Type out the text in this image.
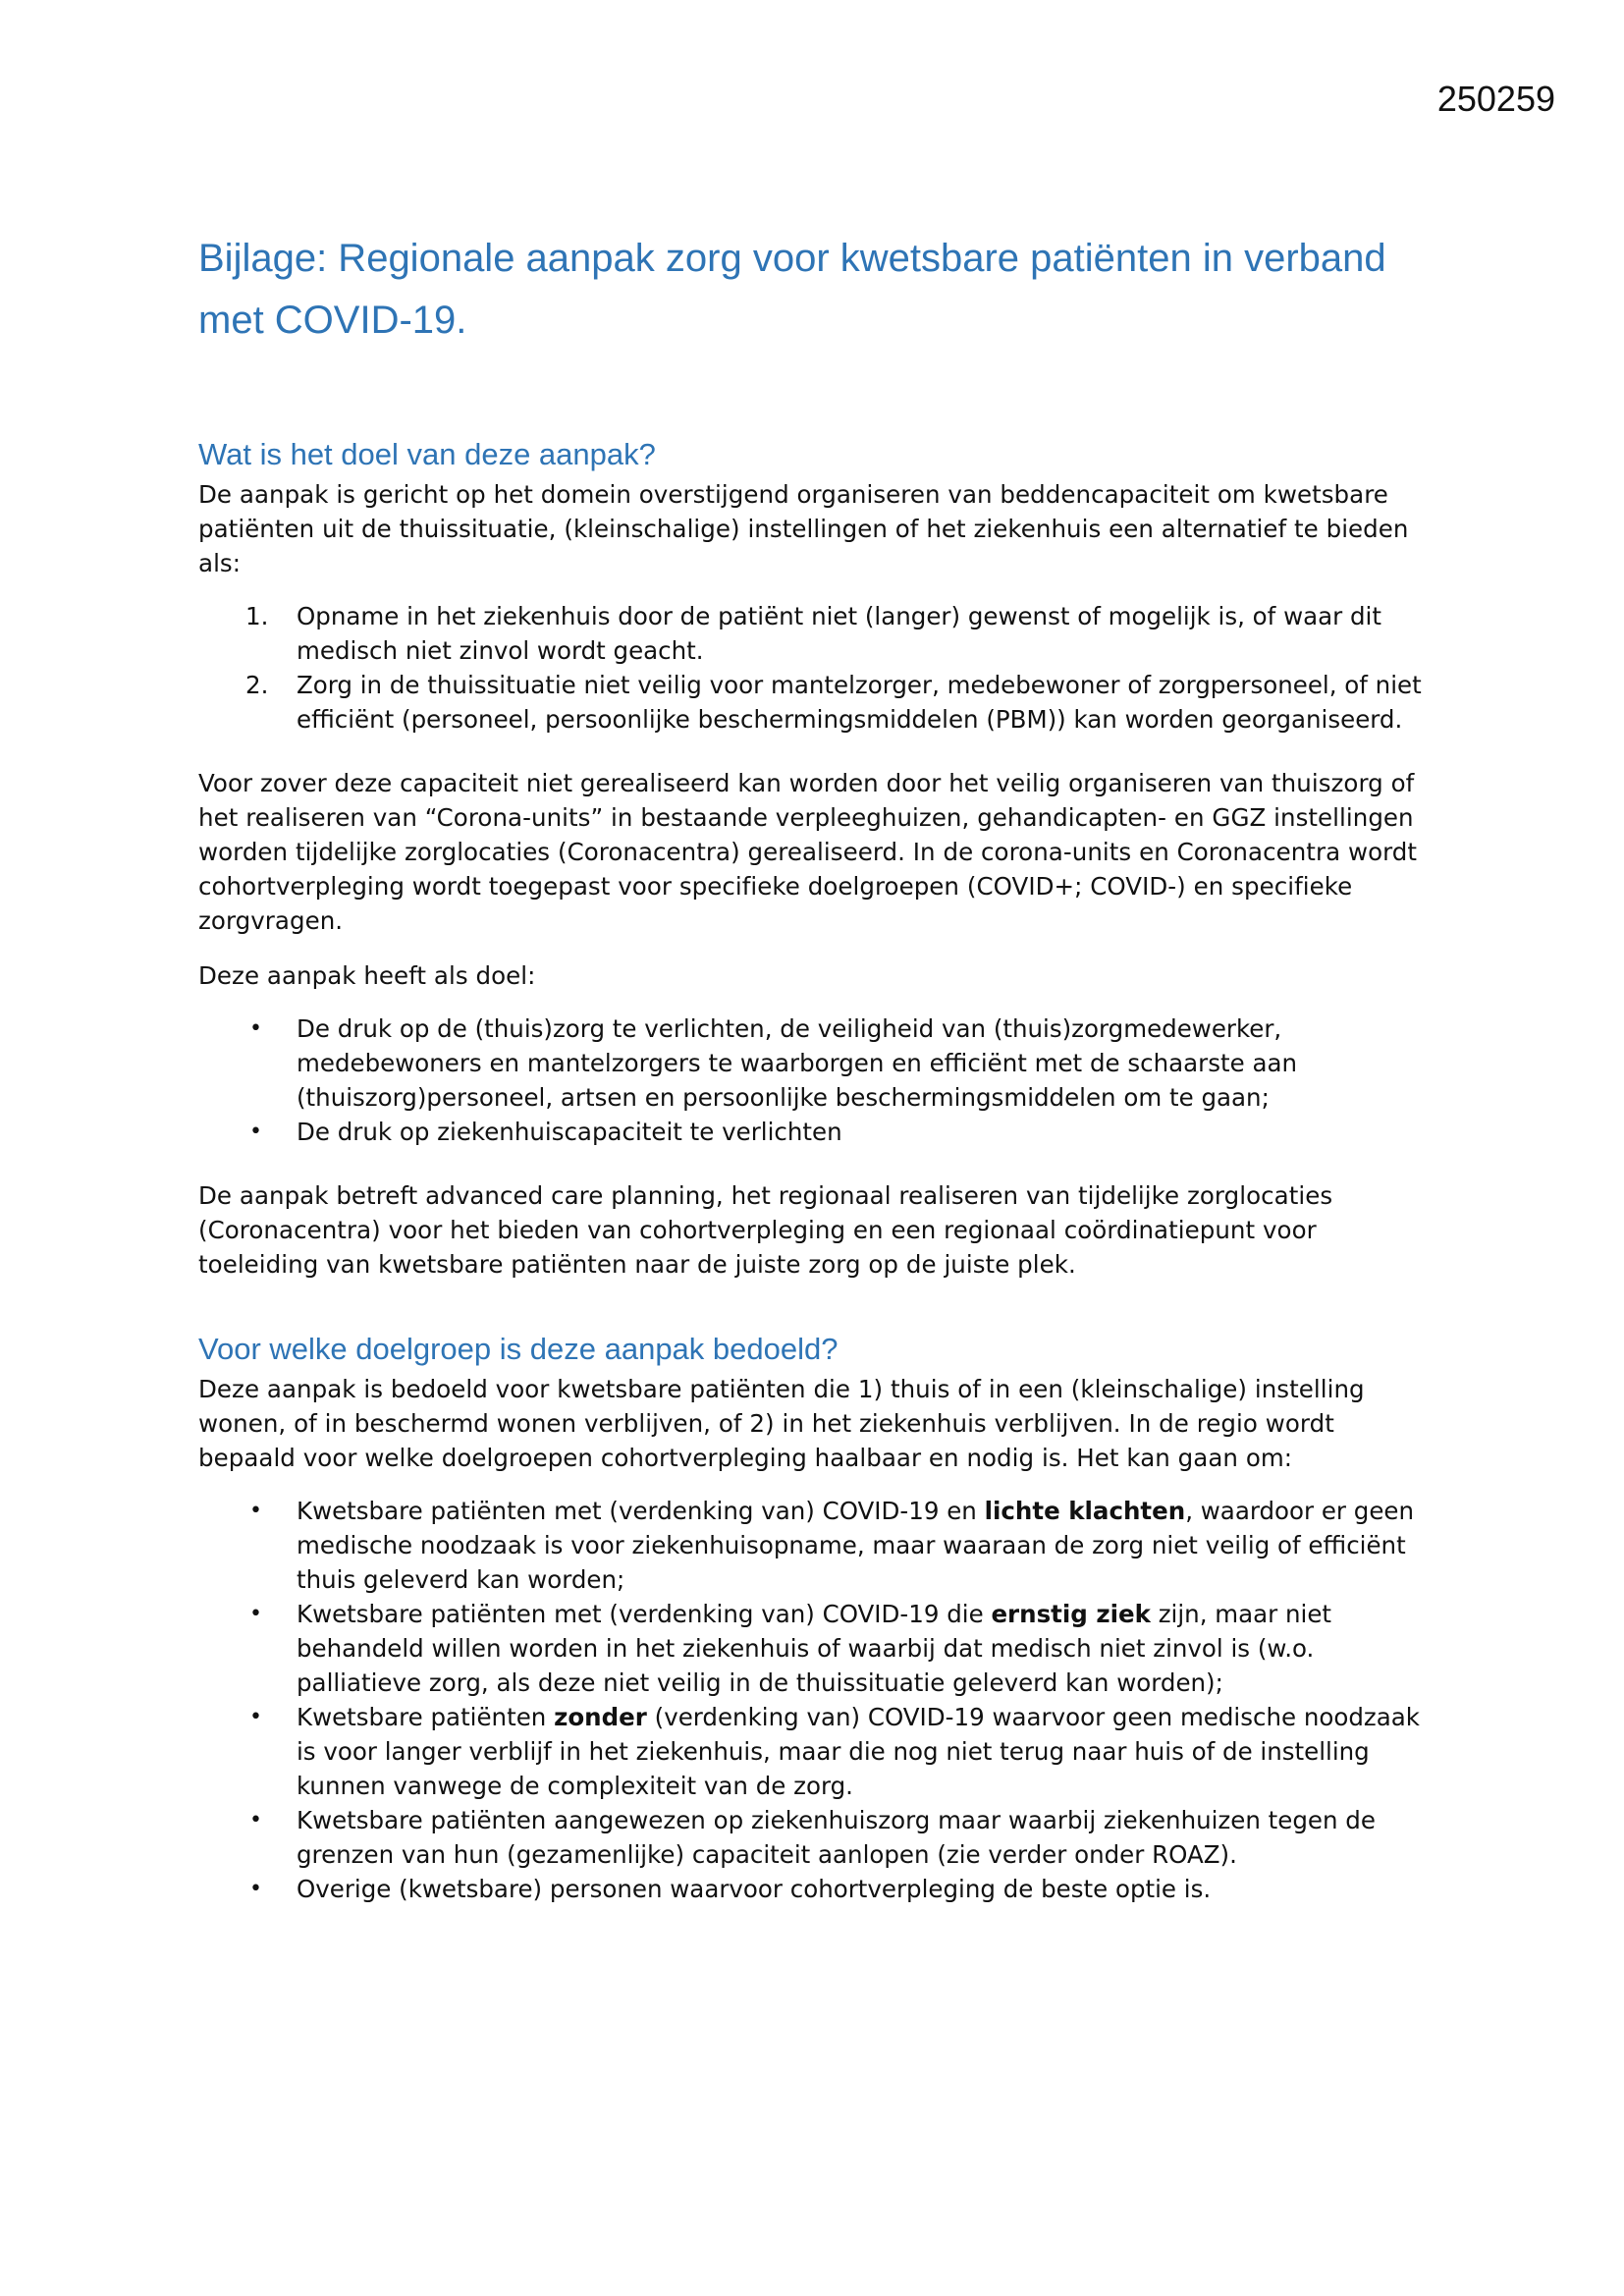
250259
Bijlage: Regionale aanpak zorg voor kwetsbare patiënten in verband met COVID-19.
Wat is het doel van deze aanpak?

De aanpak is gericht op het domein overstijgend organiseren van beddencapaciteit om kwetsbare patiënten uit de thuissituatie, (kleinschalige) instellingen of het ziekenhuis een alternatief te bieden als:

1.	Opname in het ziekenhuis door de patiënt niet (langer) gewenst of mogelijk is, of waar dit medisch niet zinvol wordt geacht.
2.	Zorg in de thuissituatie niet veilig voor mantelzorger, medebewoner of zorgpersoneel, of niet efficiënt (personeel, persoonlijke beschermingsmiddelen (PBM)) kan worden georganiseerd.

Voor zover deze capaciteit niet gerealiseerd kan worden door het veilig organiseren van thuiszorg of het realiseren van “Corona-units” in bestaande verpleeghuizen, gehandicapten- en GGZ instellingen worden tijdelijke zorglocaties (Coronacentra) gerealiseerd. In de corona-units en Coronacentra wordt cohortverpleging wordt toegepast voor specifieke doelgroepen (COVID+; COVID-) en specifieke zorgvragen.

Deze aanpak heeft als doel:

•	De druk op de (thuis)zorg te verlichten, de veiligheid van (thuis)zorgmedewerker, medebewoners en mantelzorgers te waarborgen en efficiënt met de schaarste aan (thuiszorg)personeel, artsen en persoonlijke beschermingsmiddelen om te gaan;
•	De druk op ziekenhuiscapaciteit te verlichten

De aanpak betreft advanced care planning, het regionaal realiseren van tijdelijke zorglocaties (Coronacentra) voor het bieden van cohortverpleging en een regionaal coördinatiepunt voor toeleiding van kwetsbare patiënten naar de juiste zorg op de juiste plek.

Voor welke doelgroep is deze aanpak bedoeld?

Deze aanpak is bedoeld voor kwetsbare patiënten die 1) thuis of in een (kleinschalige) instelling wonen, of in beschermd wonen verblijven, of 2) in het ziekenhuis verblijven. In de regio wordt bepaald voor welke doelgroepen cohortverpleging haalbaar en nodig is. Het kan gaan om:

•	Kwetsbare patiënten met (verdenking van) COVID-19 en lichte klachten, waardoor er geen medische noodzaak is voor ziekenhuisopname, maar waaraan de zorg niet veilig of efficiënt thuis geleverd kan worden;
•	Kwetsbare patiënten met (verdenking van) COVID-19 die ernstig ziek zijn, maar niet behandeld willen worden in het ziekenhuis of waarbij dat medisch niet zinvol is (w.o. palliatieve zorg, als deze niet veilig in de thuissituatie geleverd kan worden);
•	Kwetsbare patiënten zonder (verdenking van) COVID-19 waarvoor geen medische noodzaak is voor langer verblijf in het ziekenhuis, maar die nog niet terug naar huis of de instelling kunnen vanwege de complexiteit van de zorg.
•	Kwetsbare patiënten aangewezen op ziekenhuiszorg maar waarbij ziekenhuizen tegen de grenzen van hun (gezamenlijke) capaciteit aanlopen (zie verder onder ROAZ).
•	Overige (kwetsbare) personen waarvoor cohortverpleging de beste optie is.
